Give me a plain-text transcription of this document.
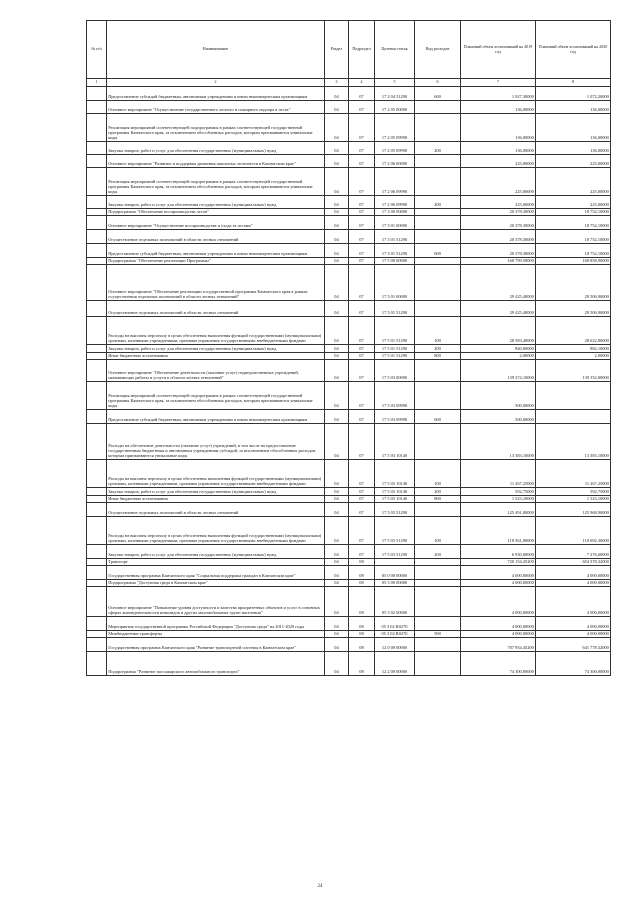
№ п/п	Наименование	Раздел	Подраздел	Целевая статья	Вид расходов	Плановый объем ассигнований на 2019 год	Плановый объем ассигнований на 2020 год
1	2	3	4	5	6	7	8
	Предоставление субсидий бюджетным, автономным учреждениям и иным некоммерческим организациям	04	07	17 2 04 51290	600	1 027,30000	1 072,20000
	Основное мероприятие "Осуществление государственного лесного и пожарного надзора в лесах"	04	07	17 2 05 00000		136,00000	136,00000
	Реализация мероприятий соответствующей подпрограммы в рамках соответствующей государственной программы Камчатского края, за исключением обособленных расходов, которым присваиваются уникальные коды	04	07	17 2 05 09990		136,00000	136,00000
	Закупка товаров, работ и услуг для обеспечения государственных (муниципальных) нужд	04	07	17 2 05 09990	200	136,00000	136,00000
	Основное мероприятие "Развитие и поддержка движения школьных лесничеств в Камчатском крае"	04	07	17 2 06 00000		225,00000	225,00000
	Реализация мероприятий соответствующей подпрограммы в рамках соответствующей государственной программы Камчатского края, за исключением обособленных расходов, которым присваиваются уникальные коды	04	07	17 2 06 09990		225,00000	225,00000
	Закупка товаров, работ и услуг для обеспечения государственных (муниципальных) нужд	04	07	17 2 06 09990	200	225,00000	225,00000
	Подпрограмма "Обеспечение воспроизводства лесов"	04	07	17 3 00 00000		20 378,30000	18 752,10000
	Основное мероприятие "Осуществление воспроизводства и ухода за лесами"	04	07	17 3 01 00000		20 378,30000	18 752,10000
	Осуществление отдельных полномочий в области лесных отношений	04	07	17 3 01 51290		20 378,30000	18 752,10000
	Предоставление субсидий бюджетным, автономным учреждениям и иным некоммерческим организациям	04	07	17 3 01 51290	600	20 378,30000	18 752,10000
	Подпрограмма "Обеспечение реализации Программы"	04	07	17 5 00 00000		168 799,50000	168 858,90000
	Основное мероприятие "Обеспечение реализации государственной программы Камчатского края в рамках осуществления отдельных полномочий в области лесных отношений"	04	07	17 5 01 00000		29 425,40000	29 506,90000
	Осуществление отдельных полномочий в области лесных отношений	04	07	17 5 01 51290		29 425,40000	29 506,90000
	Расходы на выплаты персоналу в целях обеспечения выполнения функций государственными (муниципальными) органами, казенными учреждениями, органами управления государственными внебюджетными фондами	04	07	17 5 01 51290	100	28 583,40000	28 622,80000
	Закупка товаров, работ и услуг для обеспечения государственных (муниципальных) нужд	04	07	17 5 01 51290	200	840,00000	882,10000
	Иные бюджетные ассигнования	04	07	17 5 01 51290	800	2,00000	2,00000
	Основное мероприятие "Обеспечение деятельности (оказание услуг) подведомственных учреждений, оказывающих работы и услуги в области лесных отношений"	04	07	17 5 03 00000		139 374,10000	139 352,00000
	Реализация мероприятий соответствующей подпрограммы в рамках соответствующей государственной программы Камчатского края, за исключением обособленных расходов, которым присваиваются уникальные коды	04	07	17 5 03 09990		500,00000	
	Предоставление субсидий бюджетным, автономным учреждениям и иным некоммерческим организациям	04	07	17 5 03 09990	600	500,00000	
	Расходы на обеспечение деятельности (оказание услуг) учреждений, в том числе на предоставление государственным бюджетным и автономным учреждениям субсидий, за исключением обособленных расходов, которым присваиваются уникальные коды	04	07	17 5 03 10140		13 383,10000	13 383,10000
	Расходы на выплаты персоналу в целях обеспечения выполнения функций государственными (муниципальными) органами, казенными учреждениями, органами управления государственными внебюджетными фондами	04	07	17 5 03 10140	100	11 267,25000	11 267,25000
	Закупка товаров, работ и услуг для обеспечения государственных (муниципальных) нужд	04	07	17 5 03 10140	200	592,75000	592,75000
	Иные бюджетные ассигнования	04	07	17 5 03 10140	800	1 523,10000	1 523,10000
	Осуществление отдельных полномочий в области лесных отношений	04	07	17 5 03 51290		125 491,00000	125 968,90000
	Расходы на выплаты персоналу в целях обеспечения выполнения функций государственными (муниципальными) органами, казенными учреждениями, органами управления государственными внебюджетными фондами	04	07	17 5 03 51290	100	118 561,00000	118 692,30000
	Закупка товаров, работ и услуг для обеспечения государственных (муниципальных) нужд	04	07	17 5 03 51290	200	6 930,00000	7 276,60000
	Транспорт	04	08			720 154,45200	654 378,32000
	Государственная программа Камчатского края "Социальная поддержка граждан в Камчатском крае"	04	08	05 0 00 00000		4 000,00000	4 000,00000
	Подпрограмма "Доступная среда в Камчатском крае"	04	08	05 3 00 00000		4 000,00000	4 000,00000
	Основное мероприятие "Повышение уровня доступности и качества приоритетных объектов и услуг в основных сферах жизнедеятельности инвалидов и других маломобильных групп населения"	04	08	05 3 02 00000		4 000,00000	4 000,00000
	Мероприятия государственной программы Российской Федерации "Доступная среда" на 2011-2020 годы	04	08	05 3 02 R0270		4 000,00000	4 000,00000
	Межбюджетные трансферты	04	08	05 3 02 R0270	500	4 000,00000	4 000,00000
	Государственная программа Камчатского края "Развитие транспортной системы в Камчатском крае"	04	08	12 0 00 00000		707 954,45200	641 778,32000
	Подпрограмма "Развитие пассажирского автомобильного транспорта"	04	08	12 2 00 00000		74 300,00000	74 300,00000
24
